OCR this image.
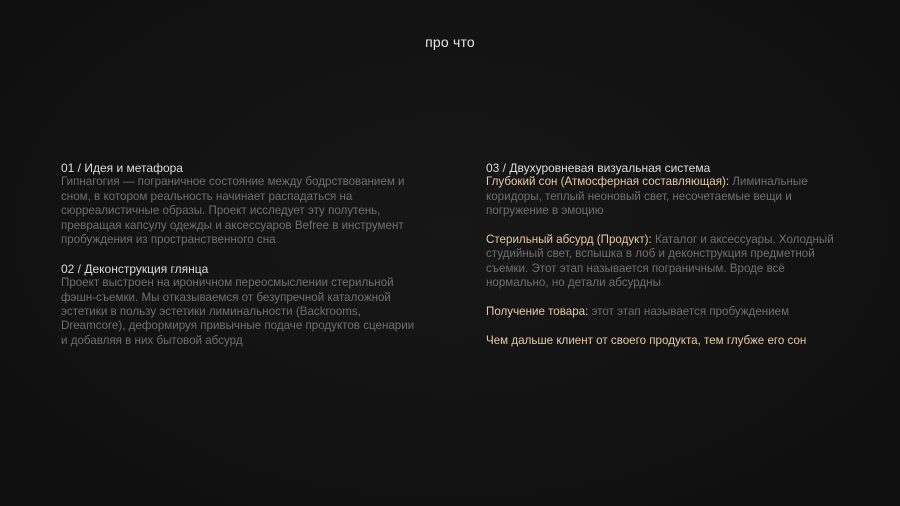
про что
01 / Идея и метафора
Гипнагогия — пограничное состояние между бодрствованием и сном, в котором реальность начинает распадаться на сюрреалистичные образы. Проект исследует эту полутень, превращая капсулу одежды и аксессуаров Befree в инструмент пробуждения из пространственного сна
02 / Деконструкция глянца
Проект выстроен на ироничном переосмыслении стерильной фэшн-съемки. Мы отказываемся от безупречной каталожной эстетики в пользу эстетики лиминальности (Backrooms, Dreamcore), деформируя привычные подаче продуктов сценарии и добавляя в них бытовой абсурд
03 / Двухуровневая визуальная система
Глубокий сон (Атмосферная составляющая): Лиминальные коридоры, теплый неоновый свет, несочетаемые вещи и погружение в эмоцию
Стерильный абсурд (Продукт): Каталог и аксессуары. Холодный студийный свет, вспышка в лоб и деконструкция предметной съемки. Этот этап называется пограничным. Вроде всё нормально, но детали абсурдны
Получение товара: этот этап называется пробуждением
Чем дальше клиент от своего продукта, тем глубже его сон
